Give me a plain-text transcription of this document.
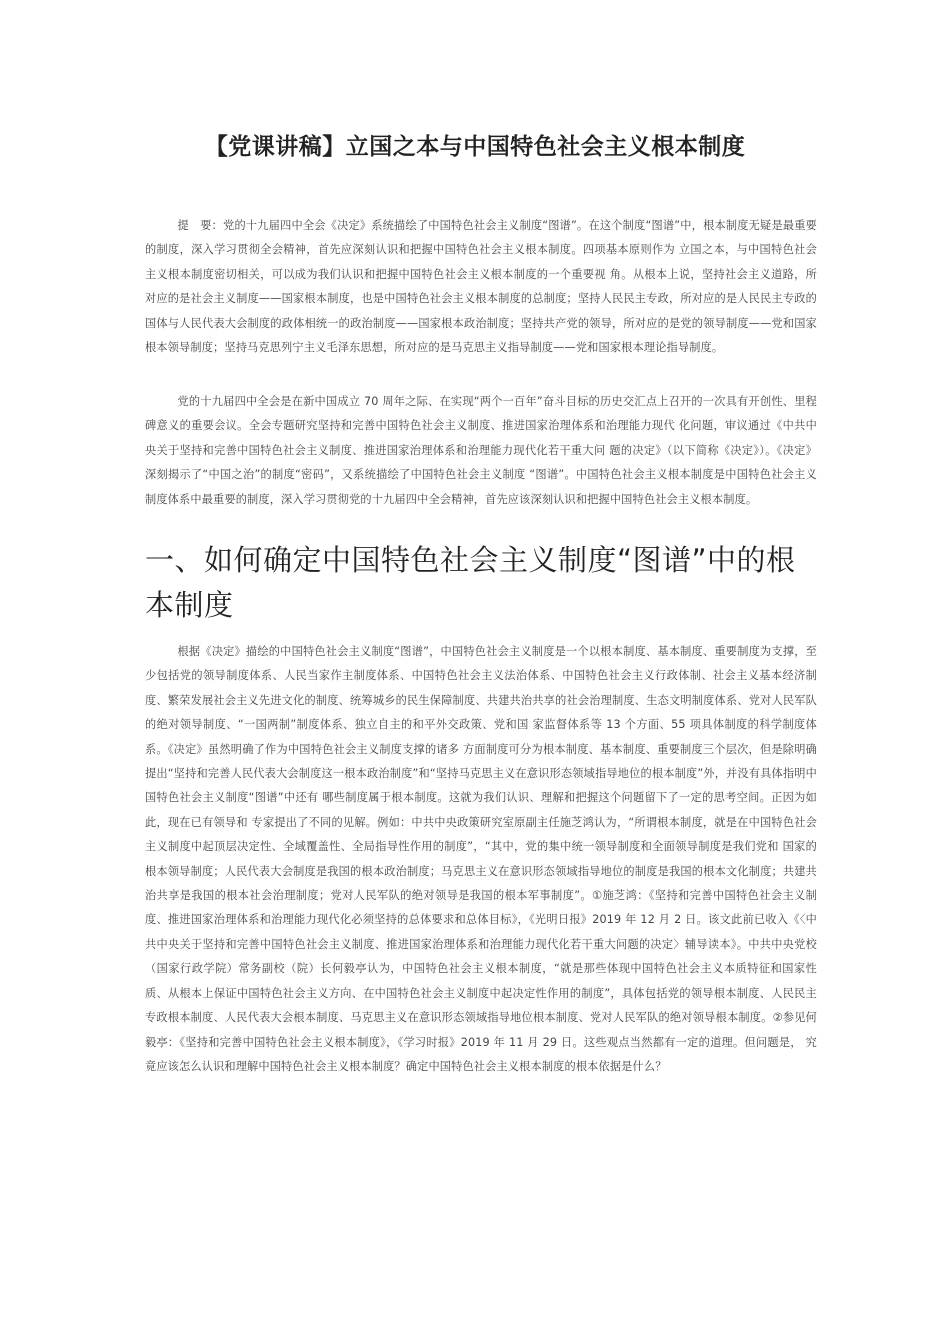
【党课讲稿】立国之本与中国特色社会主义根本制度
提　要：党的十九届四中全会《决定》系统描绘了中国特色社会主义制度“图谱”。在这个制度“图谱”中，根本制度无疑是最重要的制度，深入学习贯彻全会精神，首先应深刻认识和把握中国特色社会主义根本制度。四项基本原则作为 立国之本，与中国特色社会主义根本制度密切相关，可以成为我们认识和把握中国特色社会主义根本制度的一个重要视 角。从根本上说，坚持社会主义道路，所对应的是社会主义制度——国家根本制度，也是中国特色社会主义根本制度的总制度；坚持人民民主专政，所对应的是人民民主专政的国体与人民代表大会制度的政体相统一的政治制度——国家根本政治制度；坚持共产党的领导，所对应的是党的领导制度——党和国家根本领导制度；坚持马克思列宁主义毛泽东思想，所对应的是马克思主义指导制度——党和国家根本理论指导制度。
党的十九届四中全会是在新中国成立 70 周年之际、在实现“两个一百年”奋斗目标的历史交汇点上召开的一次具有开创性、里程碑意义的重要会议。全会专题研究坚持和完善中国特色社会主义制度、推进国家治理体系和治理能力现代 化问题，审议通过《中共中央关于坚持和完善中国特色社会主义制度、推进国家治理体系和治理能力现代化若干重大问 题的决定》（以下简称《决定》）。《决定》深刻揭示了“中国之治”的制度“密码”，又系统描绘了中国特色社会主义制度 “图谱”。中国特色社会主义根本制度是中国特色社会主义制度体系中最重要的制度，深入学习贯彻党的十九届四中全会精神，首先应该深刻认识和把握中国特色社会主义根本制度。
一、如何确定中国特色社会主义制度“图谱”中的根本制度
根据《决定》描绘的中国特色社会主义制度“图谱”，中国特色社会主义制度是一个以根本制度、基本制度、重要制度为支撑，至少包括党的领导制度体系、人民当家作主制度体系、中国特色社会主义法治体系、中国特色社会主义行政体制、社会主义基本经济制度、繁荣发展社会主义先进文化的制度、统筹城乡的民生保障制度、共建共治共享的社会治理制度、生态文明制度体系、党对人民军队的绝对领导制度、“一国两制”制度体系、独立自主的和平外交政策、党和国 家监督体系等 13 个方面、55 项具体制度的科学制度体系。《决定》虽然明确了作为中国特色社会主义制度支撑的诸多 方面制度可分为根本制度、基本制度、重要制度三个层次，但是除明确提出“坚持和完善人民代表大会制度这一根本政治制度”和“坚持马克思主义在意识形态领域指导地位的根本制度”外，并没有具体指明中国特色社会主义制度“图谱”中还有 哪些制度属于根本制度。这就为我们认识、理解和把握这个问题留下了一定的思考空间。正因为如此，现在已有领导和 专家提出了不同的见解。例如：中共中央政策研究室原副主任施芝鸿认为，“所谓根本制度，就是在中国特色社会主义制度中起顶层决定性、全域覆盖性、全局指导性作用的制度”，“其中，党的集中统一领导制度和全面领导制度是我们党和 国家的根本领导制度；人民代表大会制度是我国的根本政治制度；马克思主义在意识形态领域指导地位的制度是我国的根本文化制度；共建共治共享是我国的根本社会治理制度；党对人民军队的绝对领导是我国的根本军事制度”。①施芝鸿：《坚持和完善中国特色社会主义制度、推进国家治理体系和治理能力现代化必须坚持的总体要求和总体目标》，《光明日报》2019 年 12 月 2 日。该文此前已收入《〈中共中央关于坚持和完善中国特色社会主义制度、推进国家治理体系和治理能力现代化若干重大问题的决定〉辅导读本》。中共中央党校（国家行政学院）常务副校（院）长何毅亭认为，中国特色社会主义根本制度，“就是那些体现中国特色社会主义本质特征和国家性质、从根本上保证中国特色社会主义方向、在中国特色社会主义制度中起决定性作用的制度”，具体包括党的领导根本制度、人民民主专政根本制度、人民代表大会根本制度、马克思主义在意识形态领域指导地位根本制度、党对人民军队的绝对领导根本制度。②参见何毅亭：《坚持和完善中国特色社会主义根本制度》，《学习时报》2019 年 11 月 29 日。这些观点当然都有一定的道理。但问题是， 究竟应该怎么认识和理解中国特色社会主义根本制度？确定中国特色社会主义根本制度的根本依据是什么？
